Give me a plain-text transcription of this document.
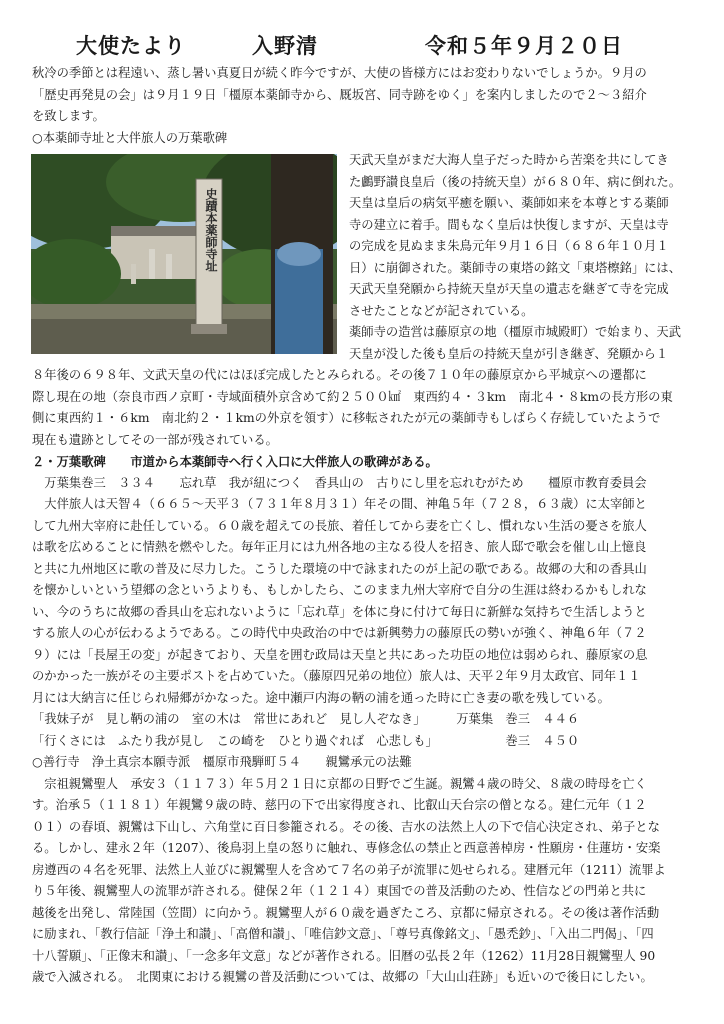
大使たより	入野清	令和５年９月２０日

秋冷の季節とは程遠い、蒸し暑い真夏日が続く昨今ですが、大使の皆様方にはお変わりないでしょうか。９月の

「歴史再発見の会」は９月１９日「橿原本薬師寺から、厩坂宮、同寺跡をゆく」を案内しましたので２～３紹介

を致します。

○本薬師寺址と大伴旅人の万葉歌碑

史蹟本薬師寺址

天武天皇がまだ大海人皇子だった時から苦楽を共にしてき

た鸕野讃良皇后（後の持統天皇）が６８０年、病に倒れた。

天皇は皇后の病気平癒を願い、薬師如来を本尊とする薬師

寺の建立に着手。間もなく皇后は快復しますが、天皇は寺

の完成を見ぬまま朱鳥元年９月１６日（６８６年１０月１

日）に崩御された。薬師寺の東塔の銘文「東塔檫銘」には、

天武天皇発願から持統天皇が天皇の遺志を継ぎて寺を完成

させたことなどが記されている。

薬師寺の造営は藤原京の地（橿原市城殿町）で始まり、天武

天皇が没した後も皇后の持統天皇が引き継ぎ、発願から１

８年後の６９８年、文武天皇の代にはほぼ完成したとみられる。その後７１０年の藤原京から平城京への遷都に

際し現在の地（奈良市西ノ京町・寺域面積外京含めて約２５００㎢　東西約４・３km　南北４・８kmの長方形の東

側に東西約１・６km　南北約２・１kmの外京を領す）に移転されたが元の薬師寺もしばらく存続していたようで

現在も遺跡としてその一部が残されている。

２・万葉歌碑　　市道から本薬師寺へ行く入口に大伴旅人の歌碑がある。

　万葉集巻三　３３４　　忘れ草　我が紐につく　香具山の　古りにし里を忘れむがため　　橿原市教育委員会

　大伴旅人は天智４（６６５～天平３（７３１年８月３１）年その間、神亀５年（７２８，６３歳）に太宰師と

して九州大宰府に赴任している。６０歳を超えての長旅、着任してから妻を亡くし、慣れない生活の憂さを旅人

は歌を広めることに情熱を燃やした。毎年正月には九州各地の主なる役人を招き、旅人邸で歌会を催し山上憶良

と共に九州地区に歌の普及に尽力した。こうした環境の中で詠まれたのが上記の歌である。故郷の大和の香具山

を懐かしいという望郷の念というよりも、もしかしたら、このまま九州大宰府で自分の生涯は終わるかもしれな

い、今のうちに故郷の香具山を忘れないように「忘れ草」を体に身に付けて毎日に新鮮な気持ちで生活しようと

する旅人の心が伝わるようである。この時代中央政治の中では新興勢力の藤原氏の勢いが強く、神亀６年（７２

９）には「長屋王の変」が起きており、天皇を囲む政局は天皇と共にあった功臣の地位は弱められ、藤原家の息

のかかった一族がその主要ポストを占めていた。（藤原四兄弟の地位）旅人は、天平２年９月太政官、同年１１

月には大納言に任じられ帰郷がかなった。途中瀬戸内海の鞆の浦を通った時に亡き妻の歌を残している。

「我妹子が　見し鞆の浦の　室の木は　常世にあれど　見し人ぞなき」　　　万葉集　巻三　４４６

「行くさには　ふたり我が見し　この崎を　ひとり過ぐれば　心悲しも」　　　　　　巻三　４５０

○善行寺　浄土真宗本願寺派　橿原市飛騨町５４　　親鸞承元の法難

　宗祖親鸞聖人　承安３（１１７３）年５月２１日に京都の日野でご生誕。親鸞４歳の時父、８歳の時母を亡く

す。治承５（１１８１）年親鸞９歳の時、慈円の下で出家得度され、比叡山天台宗の僧となる。建仁元年（１２

０１）の春頃、親鸞は下山し、六角堂に百日参籠される。その後、吉水の法然上人の下で信心決定され、弟子とな

る。しかし、建永２年（1207）、後鳥羽上皇の怒りに触れ、専修念仏の禁止と西意善棹房・性願房・住蓮坊・安楽

房遵西の４名を死罪、法然上人並びに親鸞聖人を含めて７名の弟子が流罪に処せられる。建暦元年（1211）流罪よ

り５年後、親鸞聖人の流罪が許される。健保２年（１２１４）東国での普及活動のため、性信などの門弟と共に

越後を出発し、常陸国（笠間）に向かう。親鸞聖人が６０歳を過ぎたころ、京都に帰京される。その後は著作活動

に励まれ、「教行信証「浄土和讃」、「高僧和讃」、「唯信鈔文意」、「尊号真像銘文」、「愚禿鈔」、「入出二門偈」、「四

十八誓願」、「正像末和讃」、「一念多年文意」などが著作される。旧暦の弘長２年（1262）11月28日親鸞聖人 90

歳で入滅される。　北関東における親鸞の普及活動については、故郷の「大山山荘跡」も近いので後日にしたい。
